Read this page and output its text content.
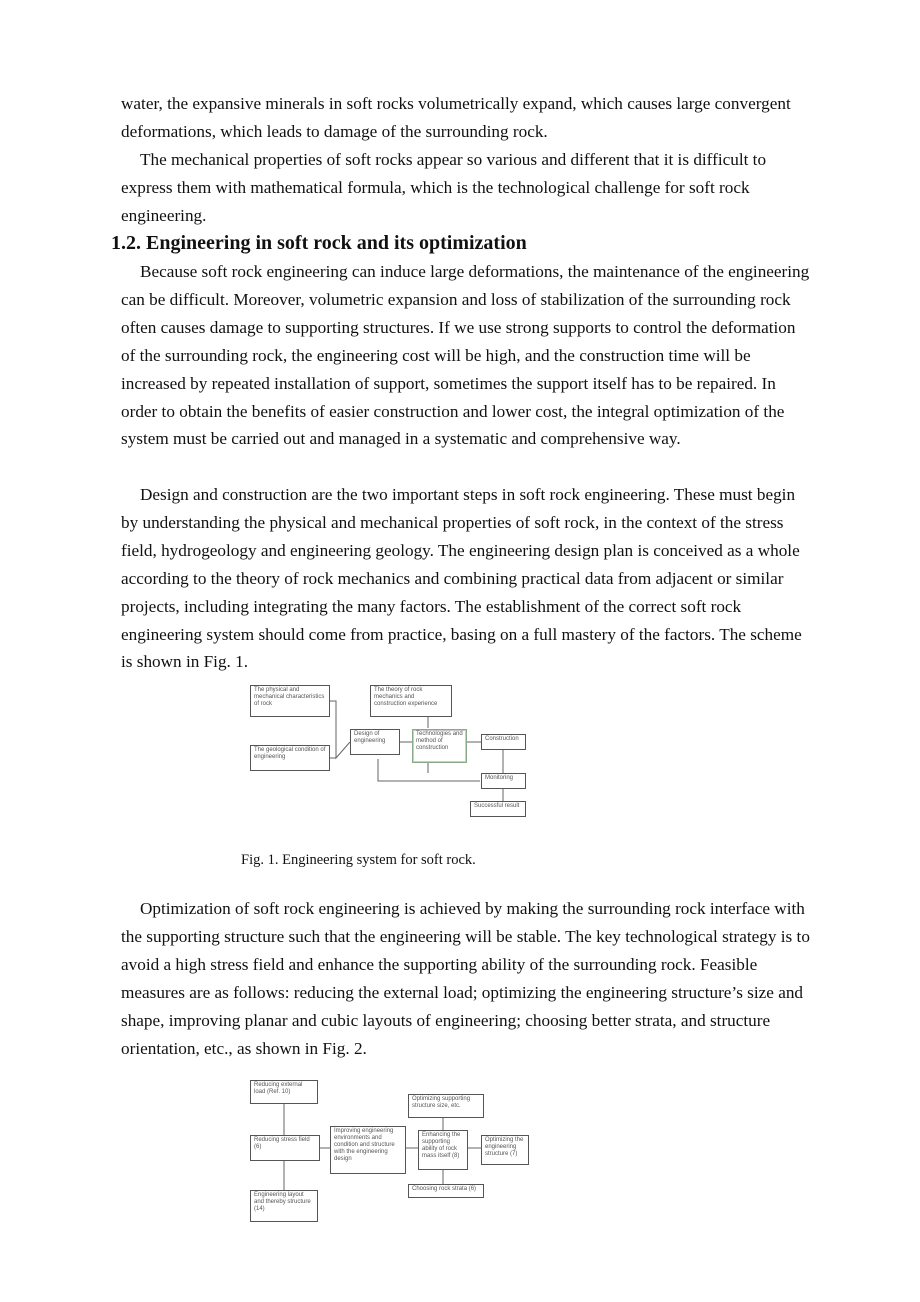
water, the expansive minerals in soft rocks volumetrically expand, which causes large convergent deformations, which leads to damage of the surrounding rock.

The mechanical properties of soft rocks appear so various and different that it is difficult to express them with mathematical formula, which is the technological challenge for soft rock engineering.

1.2. Engineering in soft rock and its optimization

Because soft rock engineering can induce large deformations, the maintenance of the engineering can be difficult. Moreover, volumetric expansion and loss of stabilization of the surrounding rock often causes damage to supporting structures. If we use strong supports to control the deformation of the surrounding rock, the engineering cost will be high, and the construction time will be increased by repeated installation of support, sometimes the support itself has to be repaired. In order to obtain the benefits of easier construction and lower cost, the integral optimization of the system must be carried out and managed in a systematic and comprehensive way.

Design and construction are the two important steps in soft rock engineering. These must begin by understanding the physical and mechanical properties of soft rock, in the context of the stress field, hydrogeology and engineering geology. The engineering design plan is conceived as a whole according to the theory of rock mechanics and combining practical data from adjacent or similar projects, including integrating the many factors. The establishment of the correct soft rock engineering system should come from practice, basing on a full mastery of the factors. The scheme is shown in Fig. 1.

The physical and mechanical characteristics of rock
The geological condition of engineering
The theory of rock mechanics and construction experience
Design of engineering
Technologies and method of construction
Construction
Monitoring
Successful result
Fig. 1. Engineering system for soft rock.

Optimization of soft rock engineering is achieved by making the surrounding rock interface with the supporting structure such that the engineering will be stable. The key technological strategy is to avoid a high stress field and enhance the supporting ability of the surrounding rock. Feasible measures are as follows: reducing the external load; optimizing the engineering structure’s size and shape, improving planar and cubic layouts of engineering; choosing better strata, and structure orientation, etc., as shown in Fig. 2.

Reducing external load (Ref. 10)
Reducing stress field (6)
Engineering layout and thereby structure (14)
Improving engineering environments and condition and structure with the engineering design
Optimizing supporting structure size, etc.
Enhancing the supporting ability of rock mass itself (8)
Choosing rock strata (6)
Optimizing the engineering structure (7)
